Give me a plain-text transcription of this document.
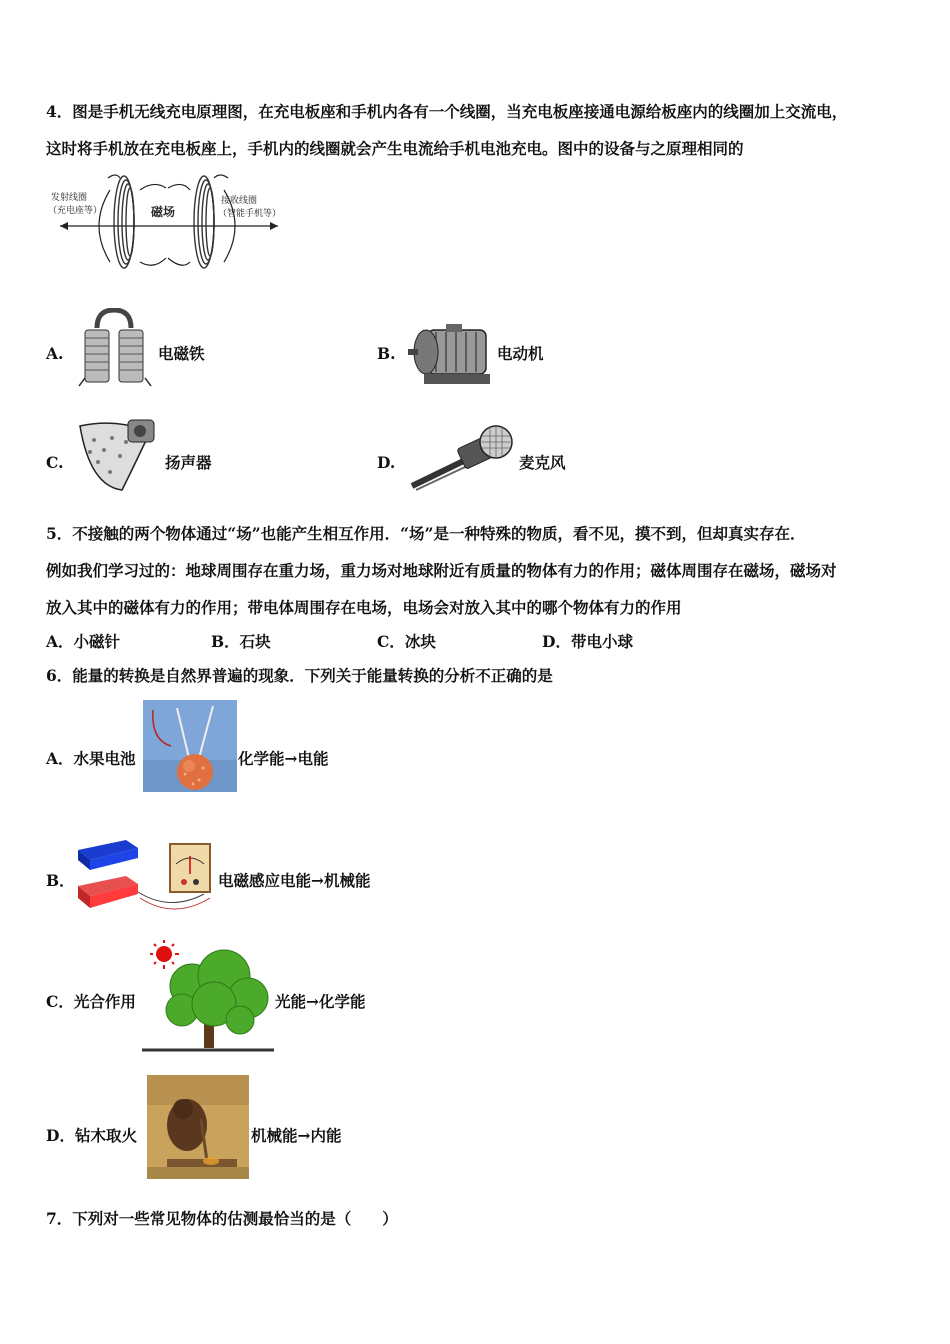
4．图是手机无线充电原理图，在充电板座和手机内各有一个线圈，当充电板座接通电源给板座内的线圈加上交流电，
这时将手机放在充电板座上，手机内的线圈就会产生电流给手机电池充电。图中的设备与之原理相同的
发射线圈
（充电座等）
接收线圈
（智能手机等）
磁场
A.	电磁铁	B.	电动机
C.	扬声器	D.	麦克风
5．不接触的两个物体通过“场”也能产生相互作用．“场”是一种特殊的物质，看不见，摸不到，但却真实存在．
例如我们学习过的：地球周围存在重力场，重力场对地球附近有质量的物体有力的作用；磁体周围存在磁场，磁场对
放入其中的磁体有力的作用；带电体周围存在电场，电场会对放入其中的哪个物体有力的作用
A．小磁针	B．石块	C．冰块	D．带电小球
6．能量的转换是自然界普遍的现象．下列关于能量转换的分析不正确的是
A．水果电池	化学能→电能
B．	电磁感应电能→机械能
C．光合作用	光能→化学能
D．钻木取火	机械能→内能
7．下列对一些常见物体的估测最恰当的是（　　）
